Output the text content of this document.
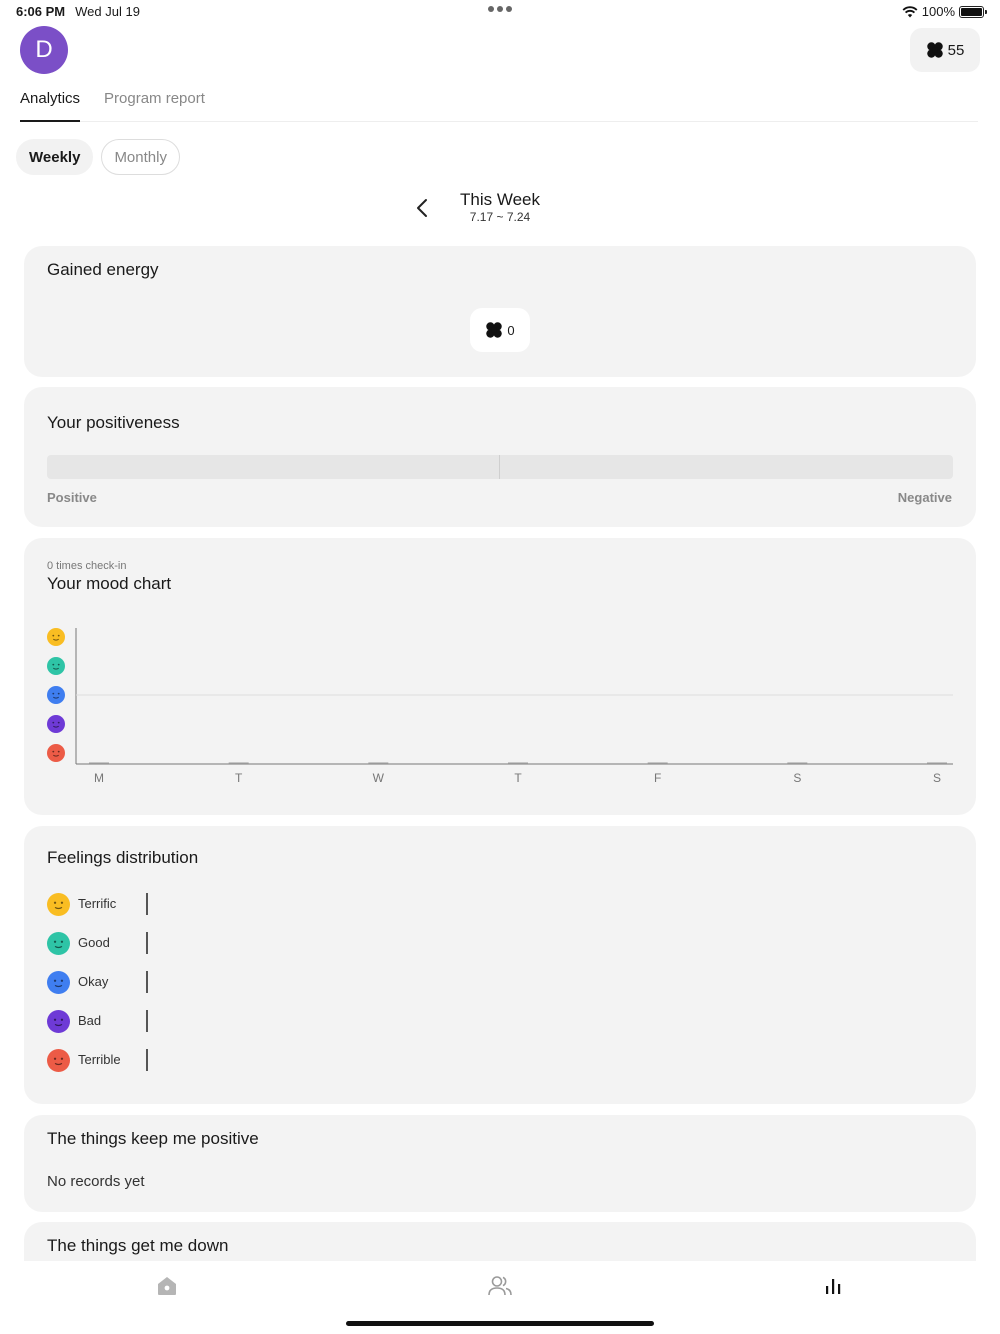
6:06 PM Wed Jul 19	100%
D	55
Analytics Program report
Weekly	Monthly
This Week
7.17 ~ 7.24
Gained energy
0
Your positiveness
Positive	Negative
0 times check-in
Your mood chart
M	T	W	T	F	S	S
Feelings distribution
Terrific
Good
Okay
Bad
Terrible
The things keep me positive
No records yet
The things get me down
